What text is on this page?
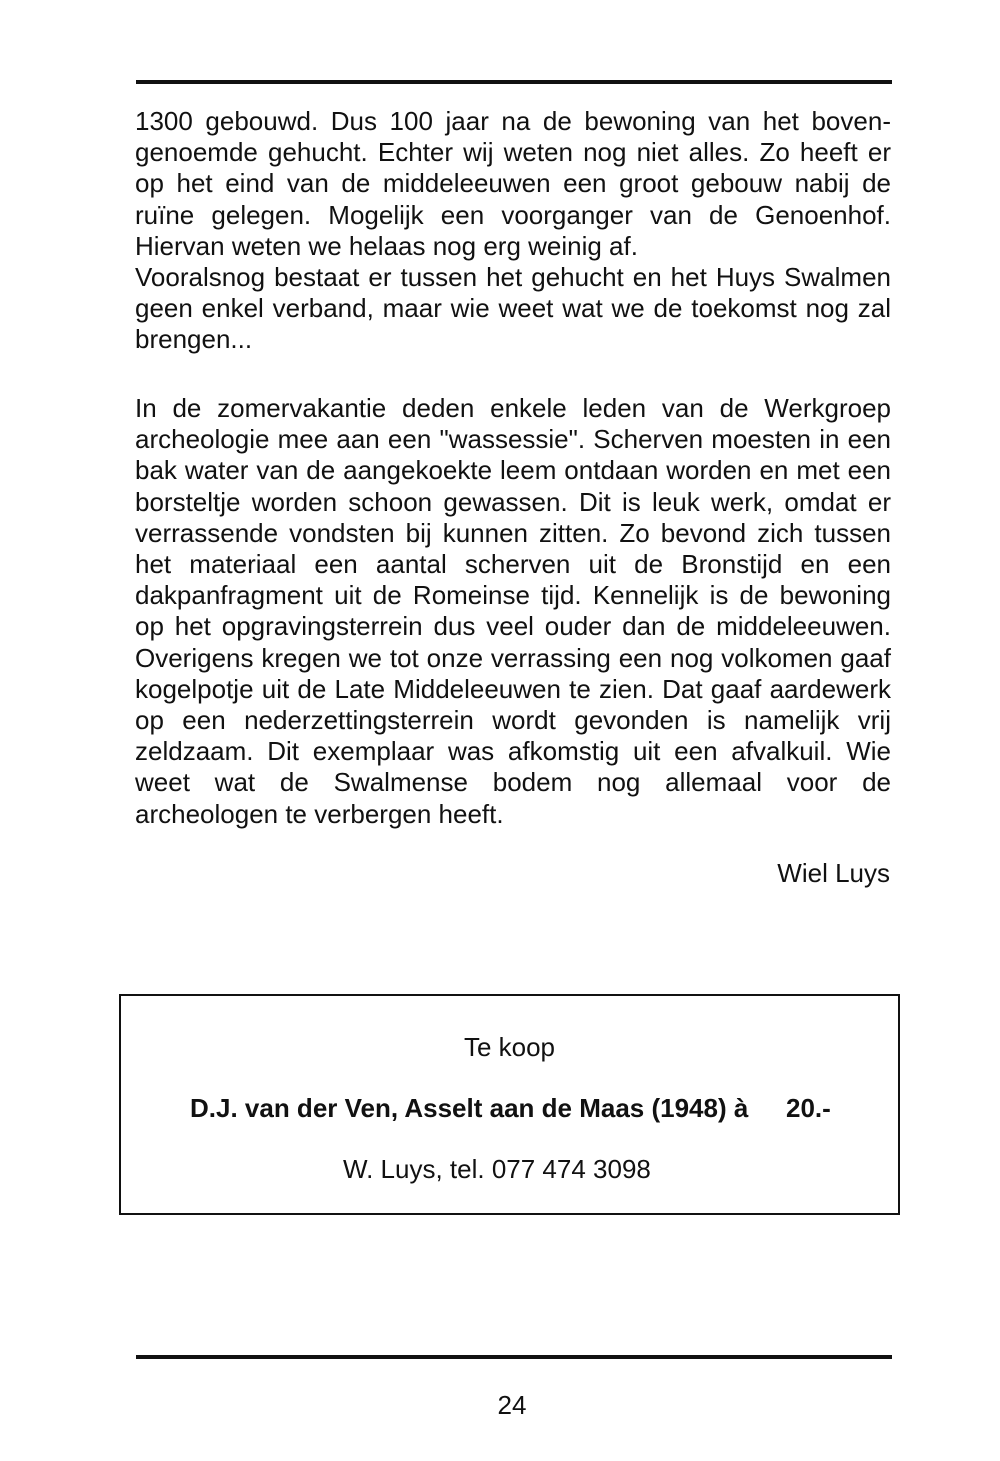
1300 gebouwd. Dus 100 jaar na de bewoning van het bovengenoemde gehucht. Echter wij weten nog niet alles. Zo heeft er op het eind van de middeleeuwen een groot gebouw nabij de ruïne gelegen. Mogelijk een voorganger van de Genoenhof. Hiervan weten we helaas nog erg weinig af.

Vooralsnog bestaat er tussen het gehucht en het Huys Swalmen geen enkel verband, maar wie weet wat we de toekomst nog zal brengen...

In de zomervakantie deden enkele leden van de Werkgroep archeologie mee aan een "wassessie". Scherven moesten in een bak water van de aangekoekte leem ontdaan worden en met een borsteltje worden schoon gewassen. Dit is leuk werk, omdat er verrassende vondsten bij kunnen zitten. Zo bevond zich tussen het materiaal een aantal scherven uit de Bronstijd en een dakpanfragment uit de Romeinse tijd. Kennelijk is de bewoning op het opgravingsterrein dus veel ouder dan de middeleeuwen. Overigens kregen we tot onze verrassing een nog volkomen gaaf kogelpotje uit de Late Middeleeuwen te zien. Dat gaaf aardewerk op een nederzettingsterrein wordt gevonden is namelijk vrij zeldzaam. Dit exemplaar was afkomstig uit een afvalkuil. Wie weet wat de Swalmense bodem nog allemaal voor de archeologen te verbergen heeft.

Wiel Luys
Te koop
D.J. van der Ven, Asselt aan de Maas (1948) à 20.-
W. Luys, tel. 077 474 3098
24
